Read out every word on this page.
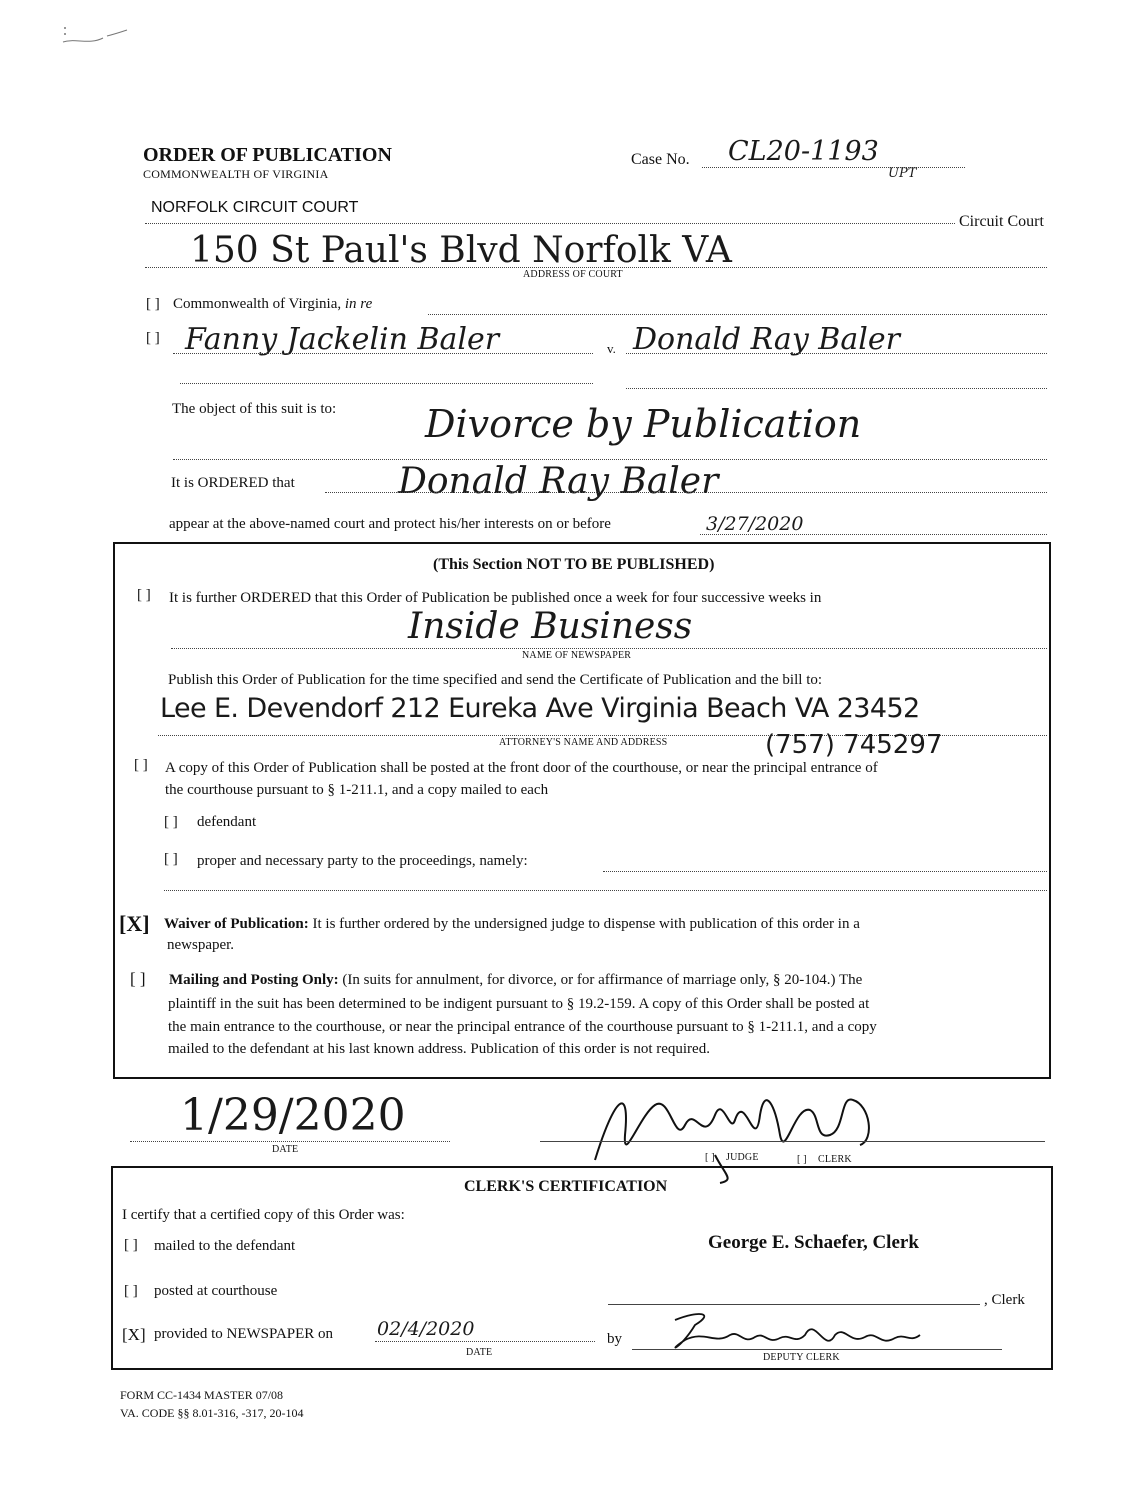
ORDER OF PUBLICATION
COMMONWEALTH OF VIRGINIA
Case No. CL20-1193
UPT
NORFOLK CIRCUIT COURT
Circuit Court
150 St Paul's Blvd Norfolk VA
ADDRESS OF COURT
[ ] Commonwealth of Virginia, in re
[ ] Fanny Jackelin Baler	v. Donald Ray Baler
The object of this suit is to: Divorce by Publication
It is ORDERED that	Donald Ray Baler
appear at the above-named court and protect his/her interests on or before	3/27/2020
(This Section NOT TO BE PUBLISHED)
[ ] It is further ORDERED that this Order of Publication be published once a week for four successive weeks in
Inside Business
NAME OF NEWSPAPER
Publish this Order of Publication for the time specified and send the Certificate of Publication and the bill to:
Lee E. Devendorf 212 Eureka Ave Virginia Beach VA 23452
ATTORNEY'S NAME AND ADDRESS	(757) 745297
[ ] A copy of this Order of Publication shall be posted at the front door of the courthouse, or near the principal entrance of
the courthouse pursuant to § 1-211.1, and a copy mailed to each
[ ] defendant
[ ] proper and necessary party to the proceedings, namely:
[X] Waiver of Publication: It is further ordered by the undersigned judge to dispense with publication of this order in a
newspaper.
[ ] Mailing and Posting Only: (In suits for annulment, for divorce, or for affirmance of marriage only, § 20-104.) The
plaintiff in the suit has been determined to be indigent pursuant to § 19.2-159. A copy of this Order shall be posted at
the main entrance to the courthouse, or near the principal entrance of the courthouse pursuant to § 1-211.1, and a copy
mailed to the defendant at his last known address. Publication of this order is not required.
1/29/2020
DATE
[ ] JUDGE	[ ] CLERK
CLERK'S CERTIFICATION
I certify that a certified copy of this Order was:
[ ] mailed to the defendant	George E. Schaefer, Clerk
[ ] posted at courthouse
, Clerk
[X] provided to NEWSPAPER on 02/4/2020
DATE
by
DEPUTY CLERK
FORM CC-1434 MASTER 07/08
VA. CODE §§ 8.01-316, -317, 20-104
